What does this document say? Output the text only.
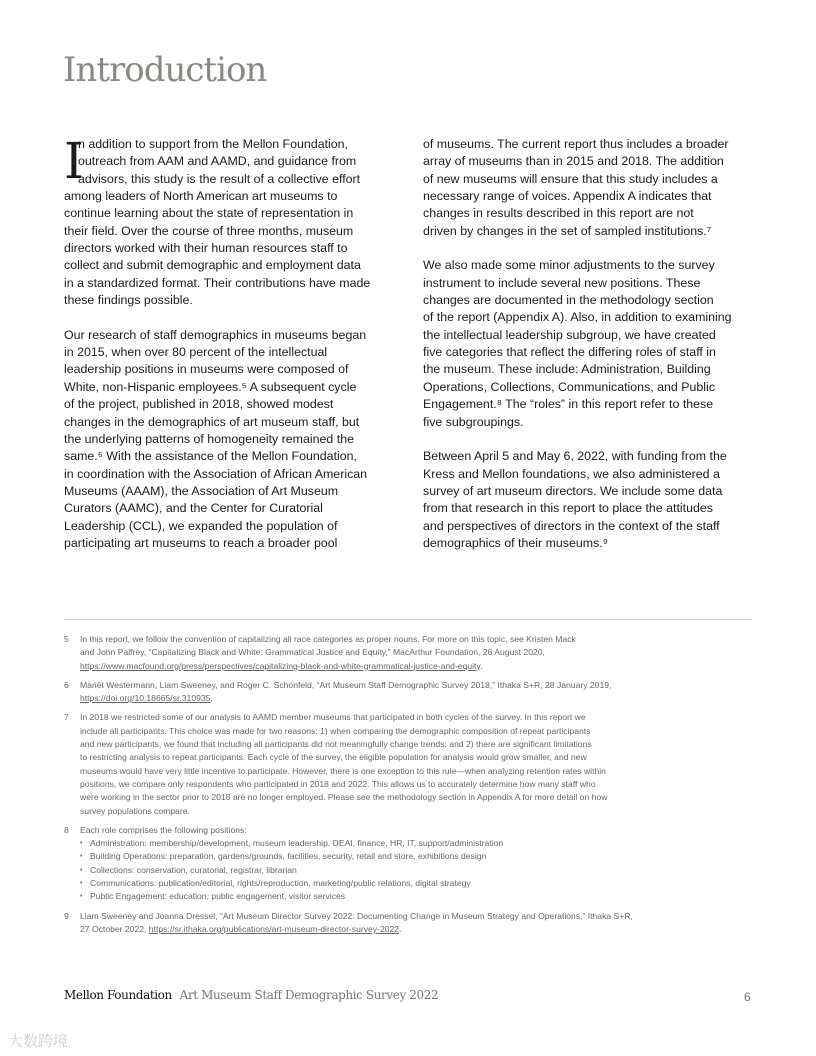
Introduction
I
n addition to support from the Mellon Foundation,
outreach from AAM and AAMD, and guidance from
advisors, this study is the result of a collective effort
among leaders of North American art museums to
continue learning about the state of representation in
their field. Over the course of three months, museum
directors worked with their human resources staff to
collect and submit demographic and employment data
in a standardized format. Their contributions have made
these findings possible.
Our research of staff demographics in museums began
in 2015, when over 80 percent of the intellectual
leadership positions in museums were composed of
White, non-Hispanic employees.⁵ A subsequent cycle
of the project, published in 2018, showed modest
changes in the demographics of art museum staff, but
the underlying patterns of homogeneity remained the
same.⁶ With the assistance of the Mellon Foundation,
in coordination with the Association of African American
Museums (AAAM), the Association of Art Museum
Curators (AAMC), and the Center for Curatorial
Leadership (CCL), we expanded the population of
participating art museums to reach a broader pool
of museums. The current report thus includes a broader
array of museums than in 2015 and 2018. The addition
of new museums will ensure that this study includes a
necessary range of voices. Appendix A indicates that
changes in results described in this report are not
driven by changes in the set of sampled institutions.⁷
We also made some minor adjustments to the survey
instrument to include several new positions. These
changes are documented in the methodology section
of the report (Appendix A). Also, in addition to examining
the intellectual leadership subgroup, we have created
five categories that reflect the differing roles of staff in
the museum. These include: Administration, Building
Operations, Collections, Communications, and Public
Engagement.⁸ The “roles” in this report refer to these
five subgroupings.
Between April 5 and May 6, 2022, with funding from the
Kress and Mellon foundations, we also administered a
survey of art museum directors. We include some data
from that research in this report to place the attitudes
and perspectives of directors in the context of the staff
demographics of their museums.⁹
5 In this report, we follow the convention of capitalizing all race categories as proper nouns. For more on this topic, see Kristen Mack
and John Palfrey, “Capitalizing Black and White: Grammatical Justice and Equity,” MacArthur Foundation, 26 August 2020,
https://www.macfound.org/press/perspectives/capitalizing-black-and-white-grammatical-justice-and-equity.
6 Mariët Westermann, Liam Sweeney, and Roger C. Schonfeld, “Art Museum Staff Demographic Survey 2018,” Ithaka S+R, 28 January 2019,
https://doi.org/10.18665/sr.310935.
7 In 2018 we restricted some of our analysis to AAMD member museums that participated in both cycles of the survey. In this report we
include all participants. This choice was made for two reasons: 1) when comparing the demographic composition of repeat participants
and new participants, we found that including all participants did not meaningfully change trends; and 2) there are significant limitations
to restricting analysis to repeat participants. Each cycle of the survey, the eligible population for analysis would grow smaller, and new
museums would have very little incentive to participate. However, there is one exception to this rule—when analyzing retention rates within
positions, we compare only respondents who participated in 2018 and 2022. This allows us to accurately determine how many staff who
were working in the sector prior to 2018 are no longer employed. Please see the methodology section in Appendix A for more detail on how
survey populations compare.
8 Each role comprises the following positions:
• Administration: membership/development, museum leadership, DEAI, finance, HR, IT, support/administration
• Building Operations: preparation, gardens/grounds, facilities, security, retail and store, exhibitions design
• Collections: conservation, curatorial, registrar, librarian
• Communications: publication/editorial, rights/reproduction, marketing/public relations, digital strategy
• Public Engagement: education, public engagement, visitor services
9 Liam Sweeney and Joanna Dressel, “Art Museum Director Survey 2022: Documenting Change in Museum Strategy and Operations,” Ithaka S+R,
27 October 2022, https://sr.ithaka.org/publications/art-museum-director-survey-2022.
Mellon Foundation Art Museum Staff Demographic Survey 2022	6
大数跨境
